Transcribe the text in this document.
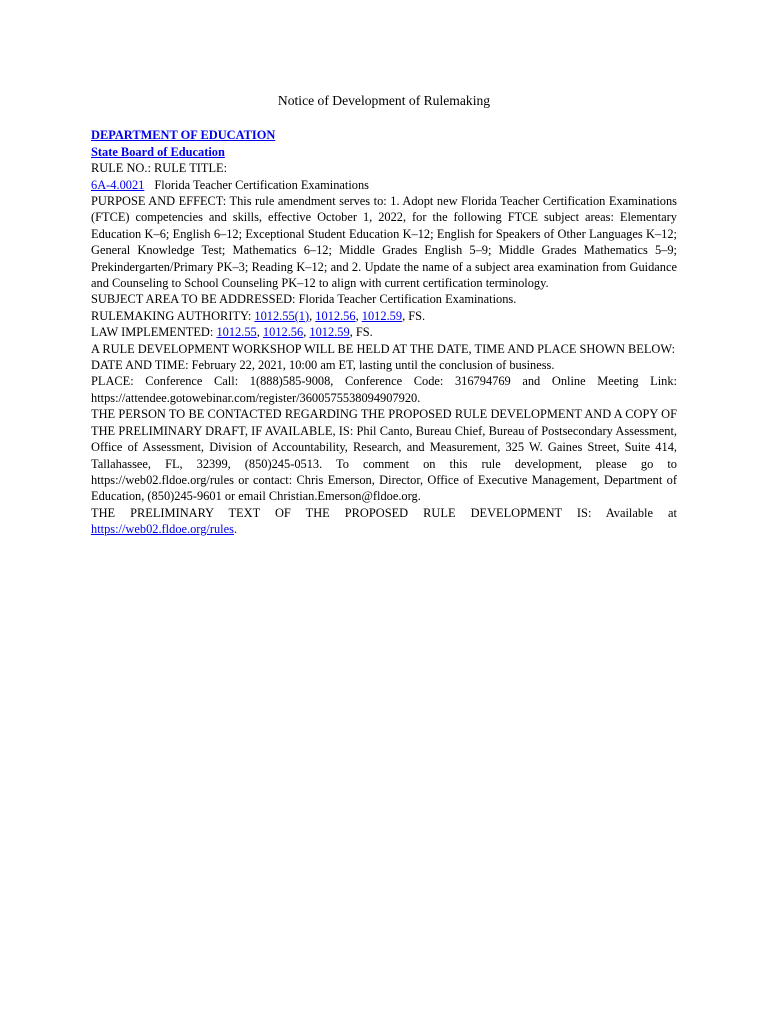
Notice of Development of Rulemaking

DEPARTMENT OF EDUCATION

State Board of Education

RULE NO.: RULE TITLE:

6A-4.0021 Florida Teacher Certification Examinations

PURPOSE AND EFFECT: This rule amendment serves to: 1. Adopt new Florida Teacher Certification Examinations (FTCE) competencies and skills, effective October 1, 2022, for the following FTCE subject areas: Elementary Education K–6; English 6–12; Exceptional Student Education K–12; English for Speakers of Other Languages K–12; General Knowledge Test; Mathematics 6–12; Middle Grades English 5–9; Middle Grades Mathematics 5–9; Prekindergarten/Primary PK–3; Reading K–12; and 2. Update the name of a subject area examination from Guidance and Counseling to School Counseling PK–12 to align with current certification terminology.

SUBJECT AREA TO BE ADDRESSED: Florida Teacher Certification Examinations.

RULEMAKING AUTHORITY: 1012.55(1), 1012.56, 1012.59, FS.

LAW IMPLEMENTED: 1012.55, 1012.56, 1012.59, FS.

A RULE DEVELOPMENT WORKSHOP WILL BE HELD AT THE DATE, TIME AND PLACE SHOWN BELOW:

DATE AND TIME: February 22, 2021, 10:00 am ET, lasting until the conclusion of business.

PLACE: Conference Call: 1(888)585-9008, Conference Code: 316794769 and Online Meeting Link: https://attendee.gotowebinar.com/register/3600575538094907920.

THE PERSON TO BE CONTACTED REGARDING THE PROPOSED RULE DEVELOPMENT AND A COPY OF THE PRELIMINARY DRAFT, IF AVAILABLE, IS: Phil Canto, Bureau Chief, Bureau of Postsecondary Assessment, Office of Assessment, Division of Accountability, Research, and Measurement, 325 W. Gaines Street, Suite 414, Tallahassee, FL, 32399, (850)245-0513. To comment on this rule development, please go to https://web02.fldoe.org/rules or contact: Chris Emerson, Director, Office of Executive Management, Department of Education, (850)245-9601 or email Christian.Emerson@fldoe.org.

THE PRELIMINARY TEXT OF THE PROPOSED RULE DEVELOPMENT IS: Available at

https://web02.fldoe.org/rules.
